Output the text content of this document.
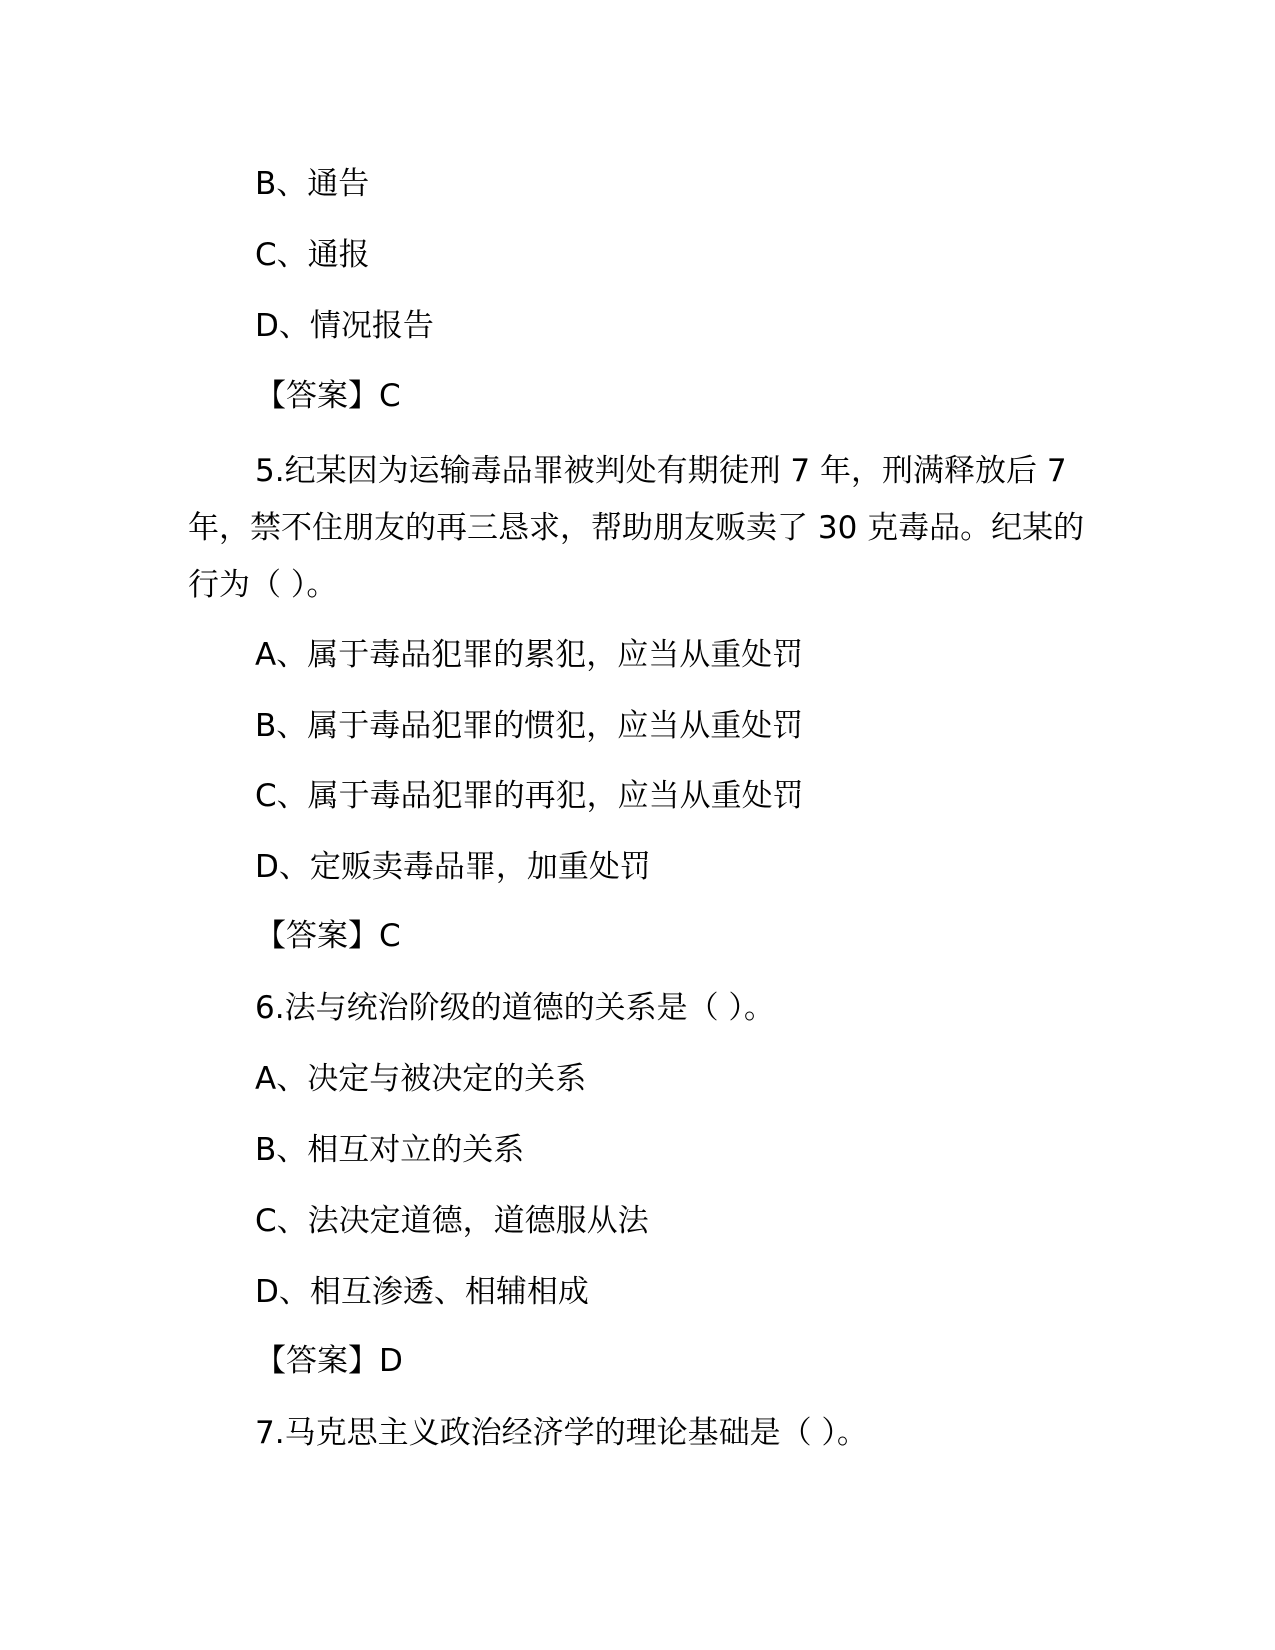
B、通告
C、通报
D、情况报告
【答案】C
5.纪某因为运输毒品罪被判处有期徒刑 7 年，刑满释放后 7 年，禁不住朋友的再三恳求，帮助朋友贩卖了 30 克毒品。纪某的行为（ ）。
A、属于毒品犯罪的累犯，应当从重处罚
B、属于毒品犯罪的惯犯，应当从重处罚
C、属于毒品犯罪的再犯，应当从重处罚
D、定贩卖毒品罪，加重处罚
【答案】C
6.法与统治阶级的道德的关系是（ ）。
A、决定与被决定的关系
B、相互对立的关系
C、法决定道德，道德服从法
D、相互渗透、相辅相成
【答案】D
7.马克思主义政治经济学的理论基础是（ ）。
